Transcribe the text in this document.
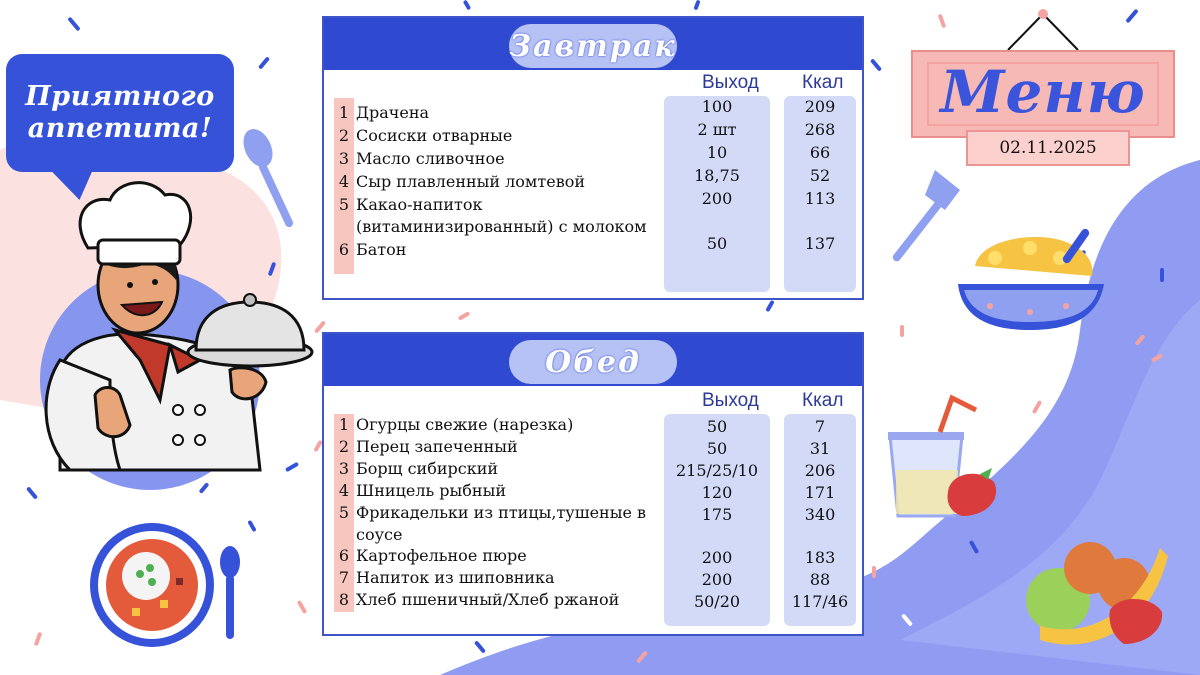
Приятного
аппетита!
Меню
02.11.2025
Завтрак
Выход Ккал
1 Драчена	100	209
2 Сосиски отварные	2 шт	268
3 Масло сливочное	10	66
4 Сыр плавленный ломтевой	18,75	52
5 Какао-напиток
(витаминизированный) с молоком
200	113
6 Батон	50	137
Обед
Выход Ккал
1 Огурцы свежие (нарезка)	50	7
2 Перец запеченный	50	31
3 Борщ сибирский	215/25/10	206
4 Шницель рыбный	120	171
5 Фрикадельки из птицы,тушеные в
соусе
175	340
6 Картофельное пюре	200	183
7 Напиток из шиповника	200	88
8 Хлеб пшеничный/Хлеб ржаной	50/20	117/46
